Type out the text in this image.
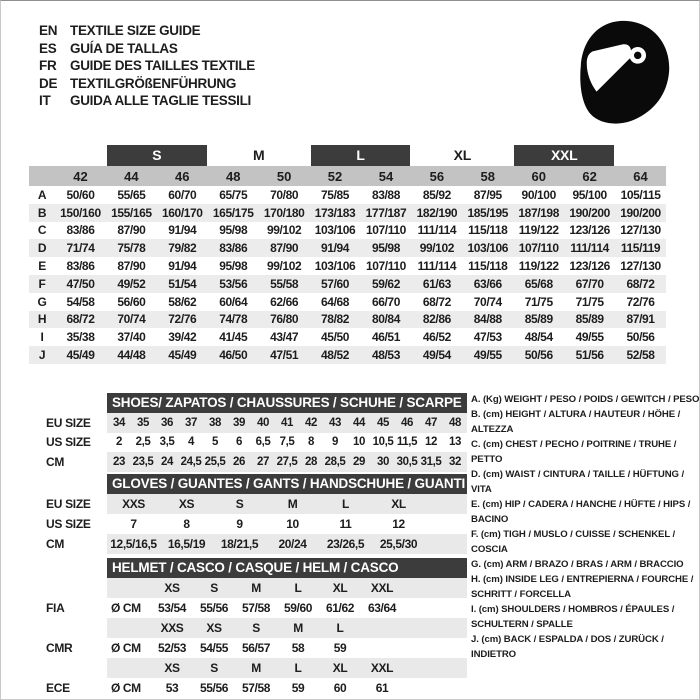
EN TEXTILE SIZE GUIDE
ES	GUÍA DE TALLAS
FR	GUIDE DES TAILLES TEXTILE
DE TEXTILGRÖßENFÜHRUNG
IT	GUIDA ALLE TAGLIE TESSILI
S	M	L	XL	XXL
42	44	46	48	50	52	54	56	58	60	62	64
A	50/60	55/65	60/70	65/75	70/80	75/85	83/88	85/92	87/95	90/100	95/100	105/115
B	150/160 155/165 160/170 165/175 170/180 173/183 177/187 182/190 185/195 187/198 190/200 190/200
C	83/86	87/90	91/94	95/98	99/102	103/106 107/110 111/114	115/118 119/122 123/126 127/130
D	71/74	75/78	79/82	83/86	87/90	91/94	95/98	99/102	103/106 107/110 111/114	115/119
E	83/86	87/90	91/94	95/98	99/102	103/106 107/110 111/114	115/118 119/122 123/126 127/130
F	47/50	49/52	51/54	53/56	55/58	57/60	59/62	61/63	63/66	65/68	67/70	68/72
G	54/58	56/60	58/62	60/64	62/66	64/68	66/70	68/72	70/74	71/75	71/75	72/76
H	68/72	70/74	72/76	74/78	76/80	78/82	80/84	82/86	84/88	85/89	85/89	87/91
I	35/38	37/40	39/42	41/45	43/47	45/50	46/51	46/52	47/53	48/54	49/55	50/56
J	45/49	44/48	45/49	46/50	47/51	48/52	48/53	49/54	49/55	50/56	51/56	52/58
SHOES/ ZAPATOS / CHAUSSURES / SCHUHE / SCARPE
EU SIZE	34	35	36	37	38	39	40	41	42	43	44	45	46	47	48
US SIZE	2	2,5 3,5	4	5	6	6,5 7,5	8	9	10 10,5 11,5 12	13
CM	23 23,5 24 24,5 25,5 26	27 27,5 28 28,5 29	30 30,5 31,5 32
GLOVES / GUANTES / GANTS / HANDSCHUHE / GUANTI
EU SIZE	XXS	XS	S	M	L	XL
US SIZE	7	8	9	10	11	12
CM	12,5/16,5 16,5/19	18/21,5	20/24	23/26,5	25,5/30
HELMET / CASCO / CASQUE / HELM / CASCO
XS	S	M	L	XL	XXL
FIA	Ø CM	53/54	55/56	57/58	59/60	61/62	63/64
XXS	XS	S	M	L
CMR	Ø CM	52/53	54/55	56/57	58	59
XS	S	M	L	XL	XXL
ECE	Ø CM	53	55/56	57/58	59	60	61
A. (Kg) WEIGHT / PESO / POIDS / GEWITCH / PESO
B. (cm) HEIGHT / ALTURA / HAUTEUR / HÖHE / ALTEZZA
C. (cm) CHEST / PECHO / POITRINE / TRUHE / PETTO
D. (cm) WAIST / CINTURA / TAILLE / HÜFTUNG / VITA
E. (cm) HIP / CADERA / HANCHE / HÜFTE / HIPS / BACINO
F. (cm) TIGH / MUSLO / CUISSE / SCHENKEL / COSCIA
G. (cm) ARM / BRAZO / BRAS / ARM / BRACCIO
H. (cm) INSIDE LEG / ENTREPIERNA / FOURCHE / SCHRITT / FORCELLA
I. (cm) SHOULDERS / HOMBROS / ÉPAULES / SCHULTERN / SPALLE
J. (cm) BACK / ESPALDA / DOS / ZURÜCK / INDIETRO
